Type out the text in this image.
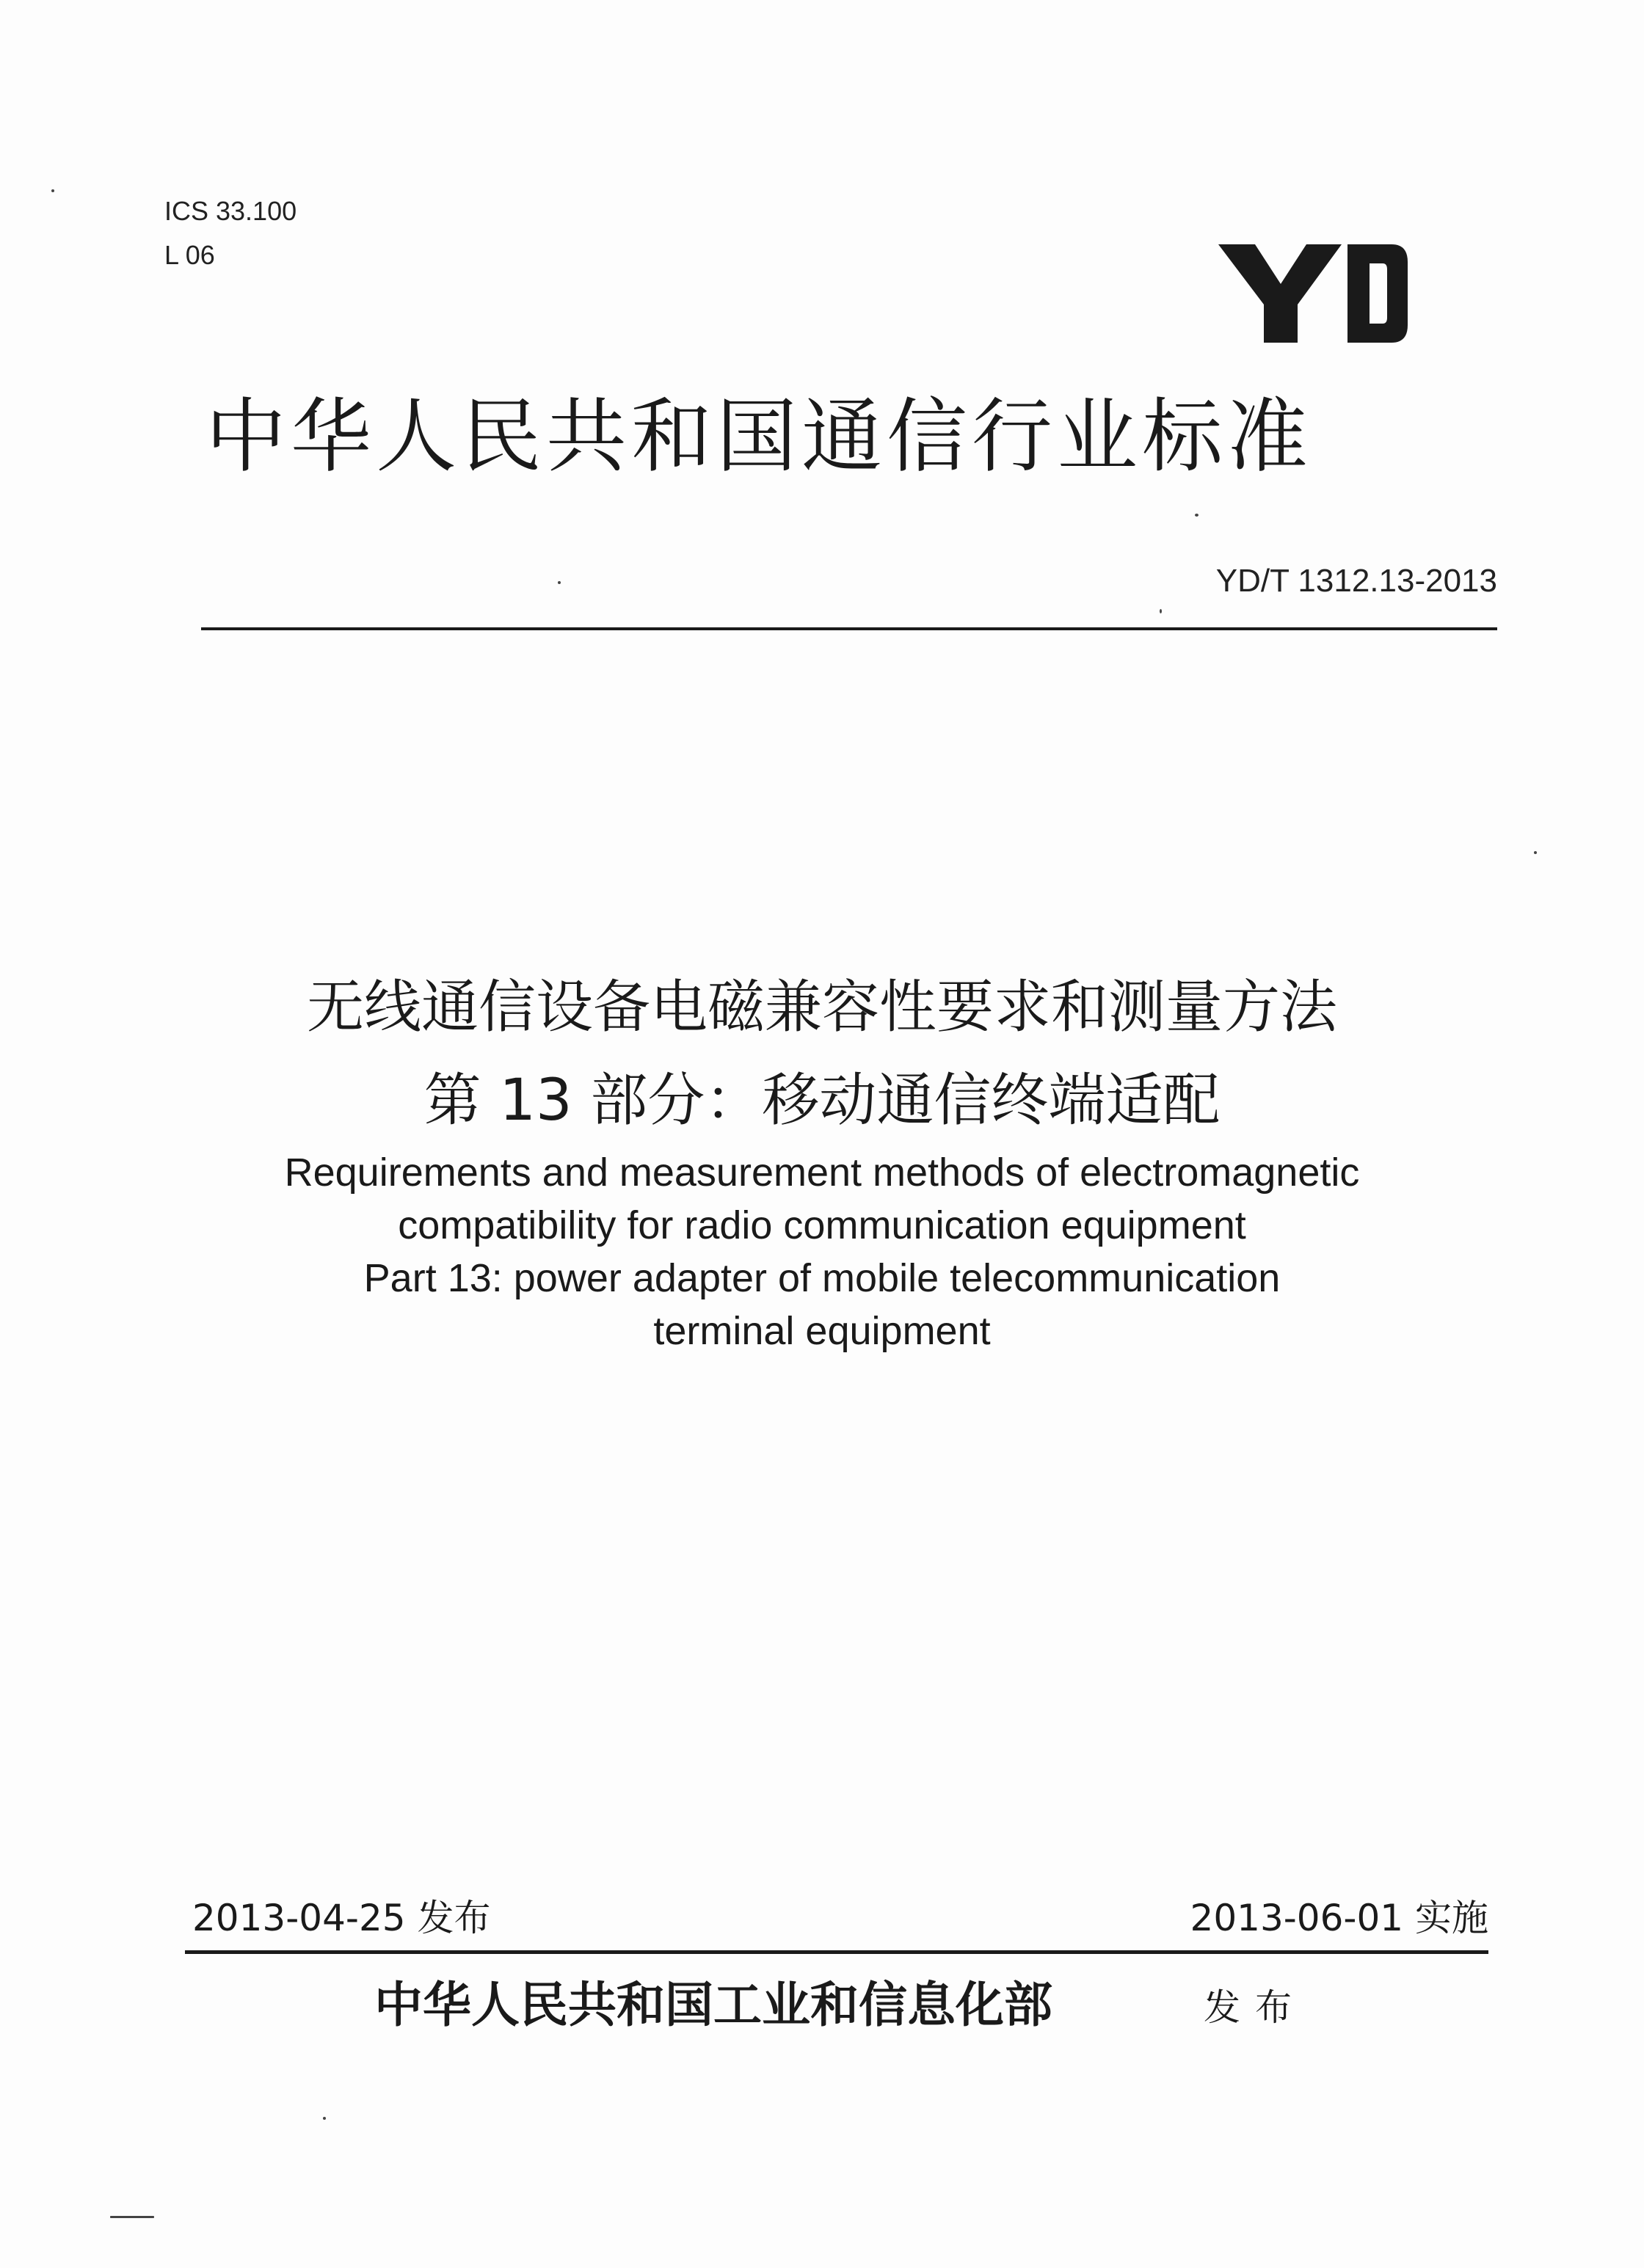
ICS 33.100
L 06
中华人民共和国通信行业标准
YD/T 1312.13-2013
无线通信设备电磁兼容性要求和测量方法
第 13 部分：移动通信终端适配
Requirements and measurement methods of electromagnetic
compatibility for radio communication equipment
Part 13: power adapter of mobile telecommunication
terminal equipment
2013-04-25 发布	2013-06-01 实施
中华人民共和国工业和信息化部	发布
